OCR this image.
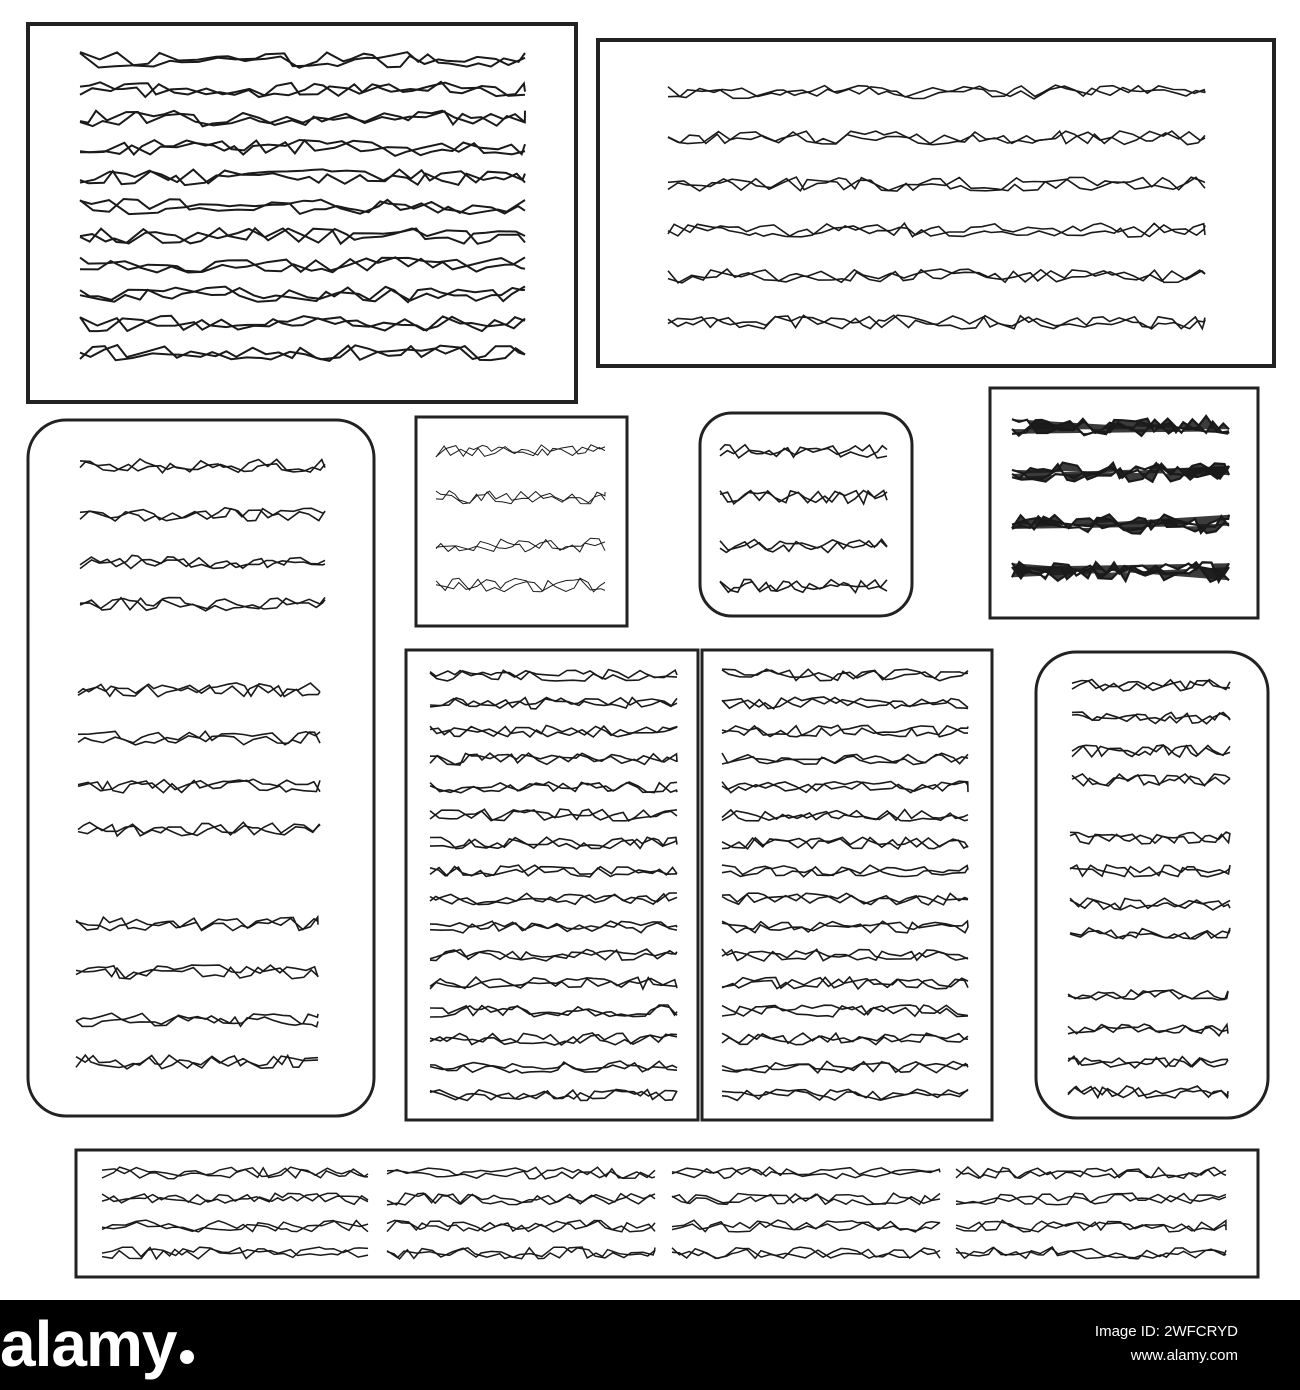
alamy	Image ID: 2WFCRYD
www.alamy.com
